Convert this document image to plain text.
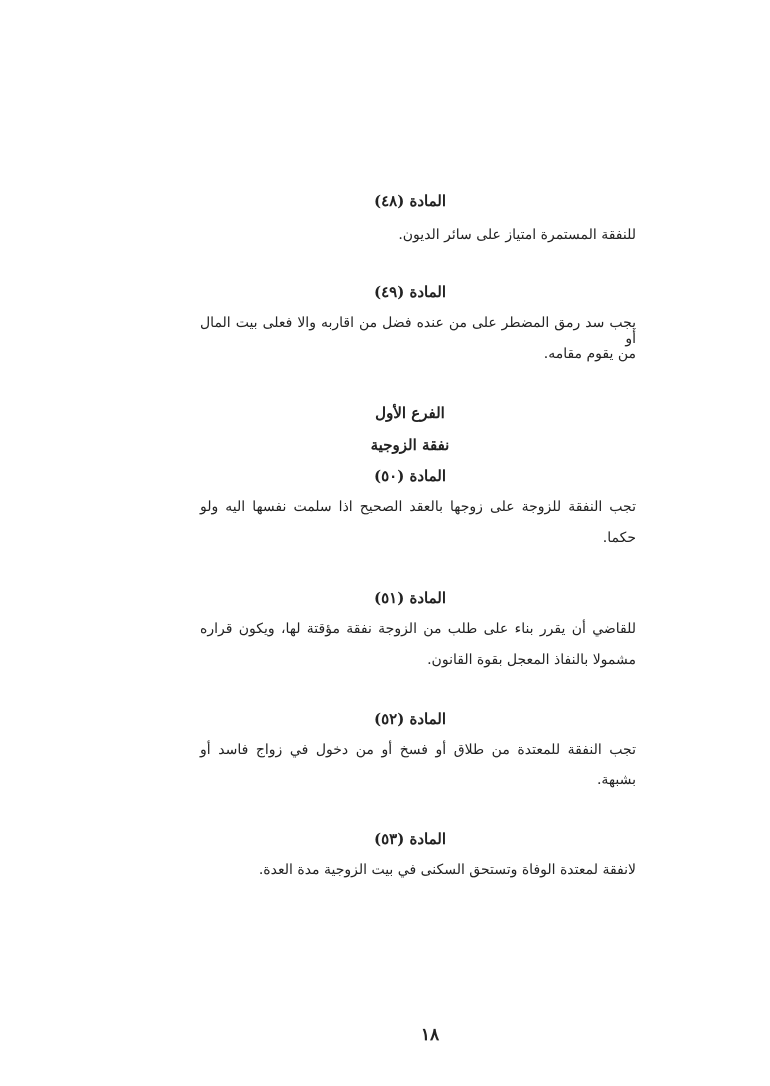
المادة (٤٨)
للنفقة المستمرة امتياز على سائر الديون.
المادة (٤٩)
يجب سد رمق المضطر على من عنده فضل من اقاربه والا فعلى بيت المال أو
من يقوم مقامه.
الفرع الأول
نفقة الزوجية
المادة (٥٠)
تجب النفقة للزوجة على زوجها بالعقد الصحيح اذا سلمت نفسها اليه ولو
حكما.
المادة (٥١)
للقاضي أن يقرر بناء على طلب من الزوجة نفقة مؤقتة لها، ويكون قراره
مشمولا بالنفاذ المعجل بقوة القانون.
المادة (٥٢)
تجب النفقة للمعتدة من طلاق أو فسخ أو من دخول في زواج فاسد أو
بشبهة.
المادة (٥٣)
لانفقة لمعتدة الوفاة وتستحق السكنى في بيت الزوجية مدة العدة.
١٨
